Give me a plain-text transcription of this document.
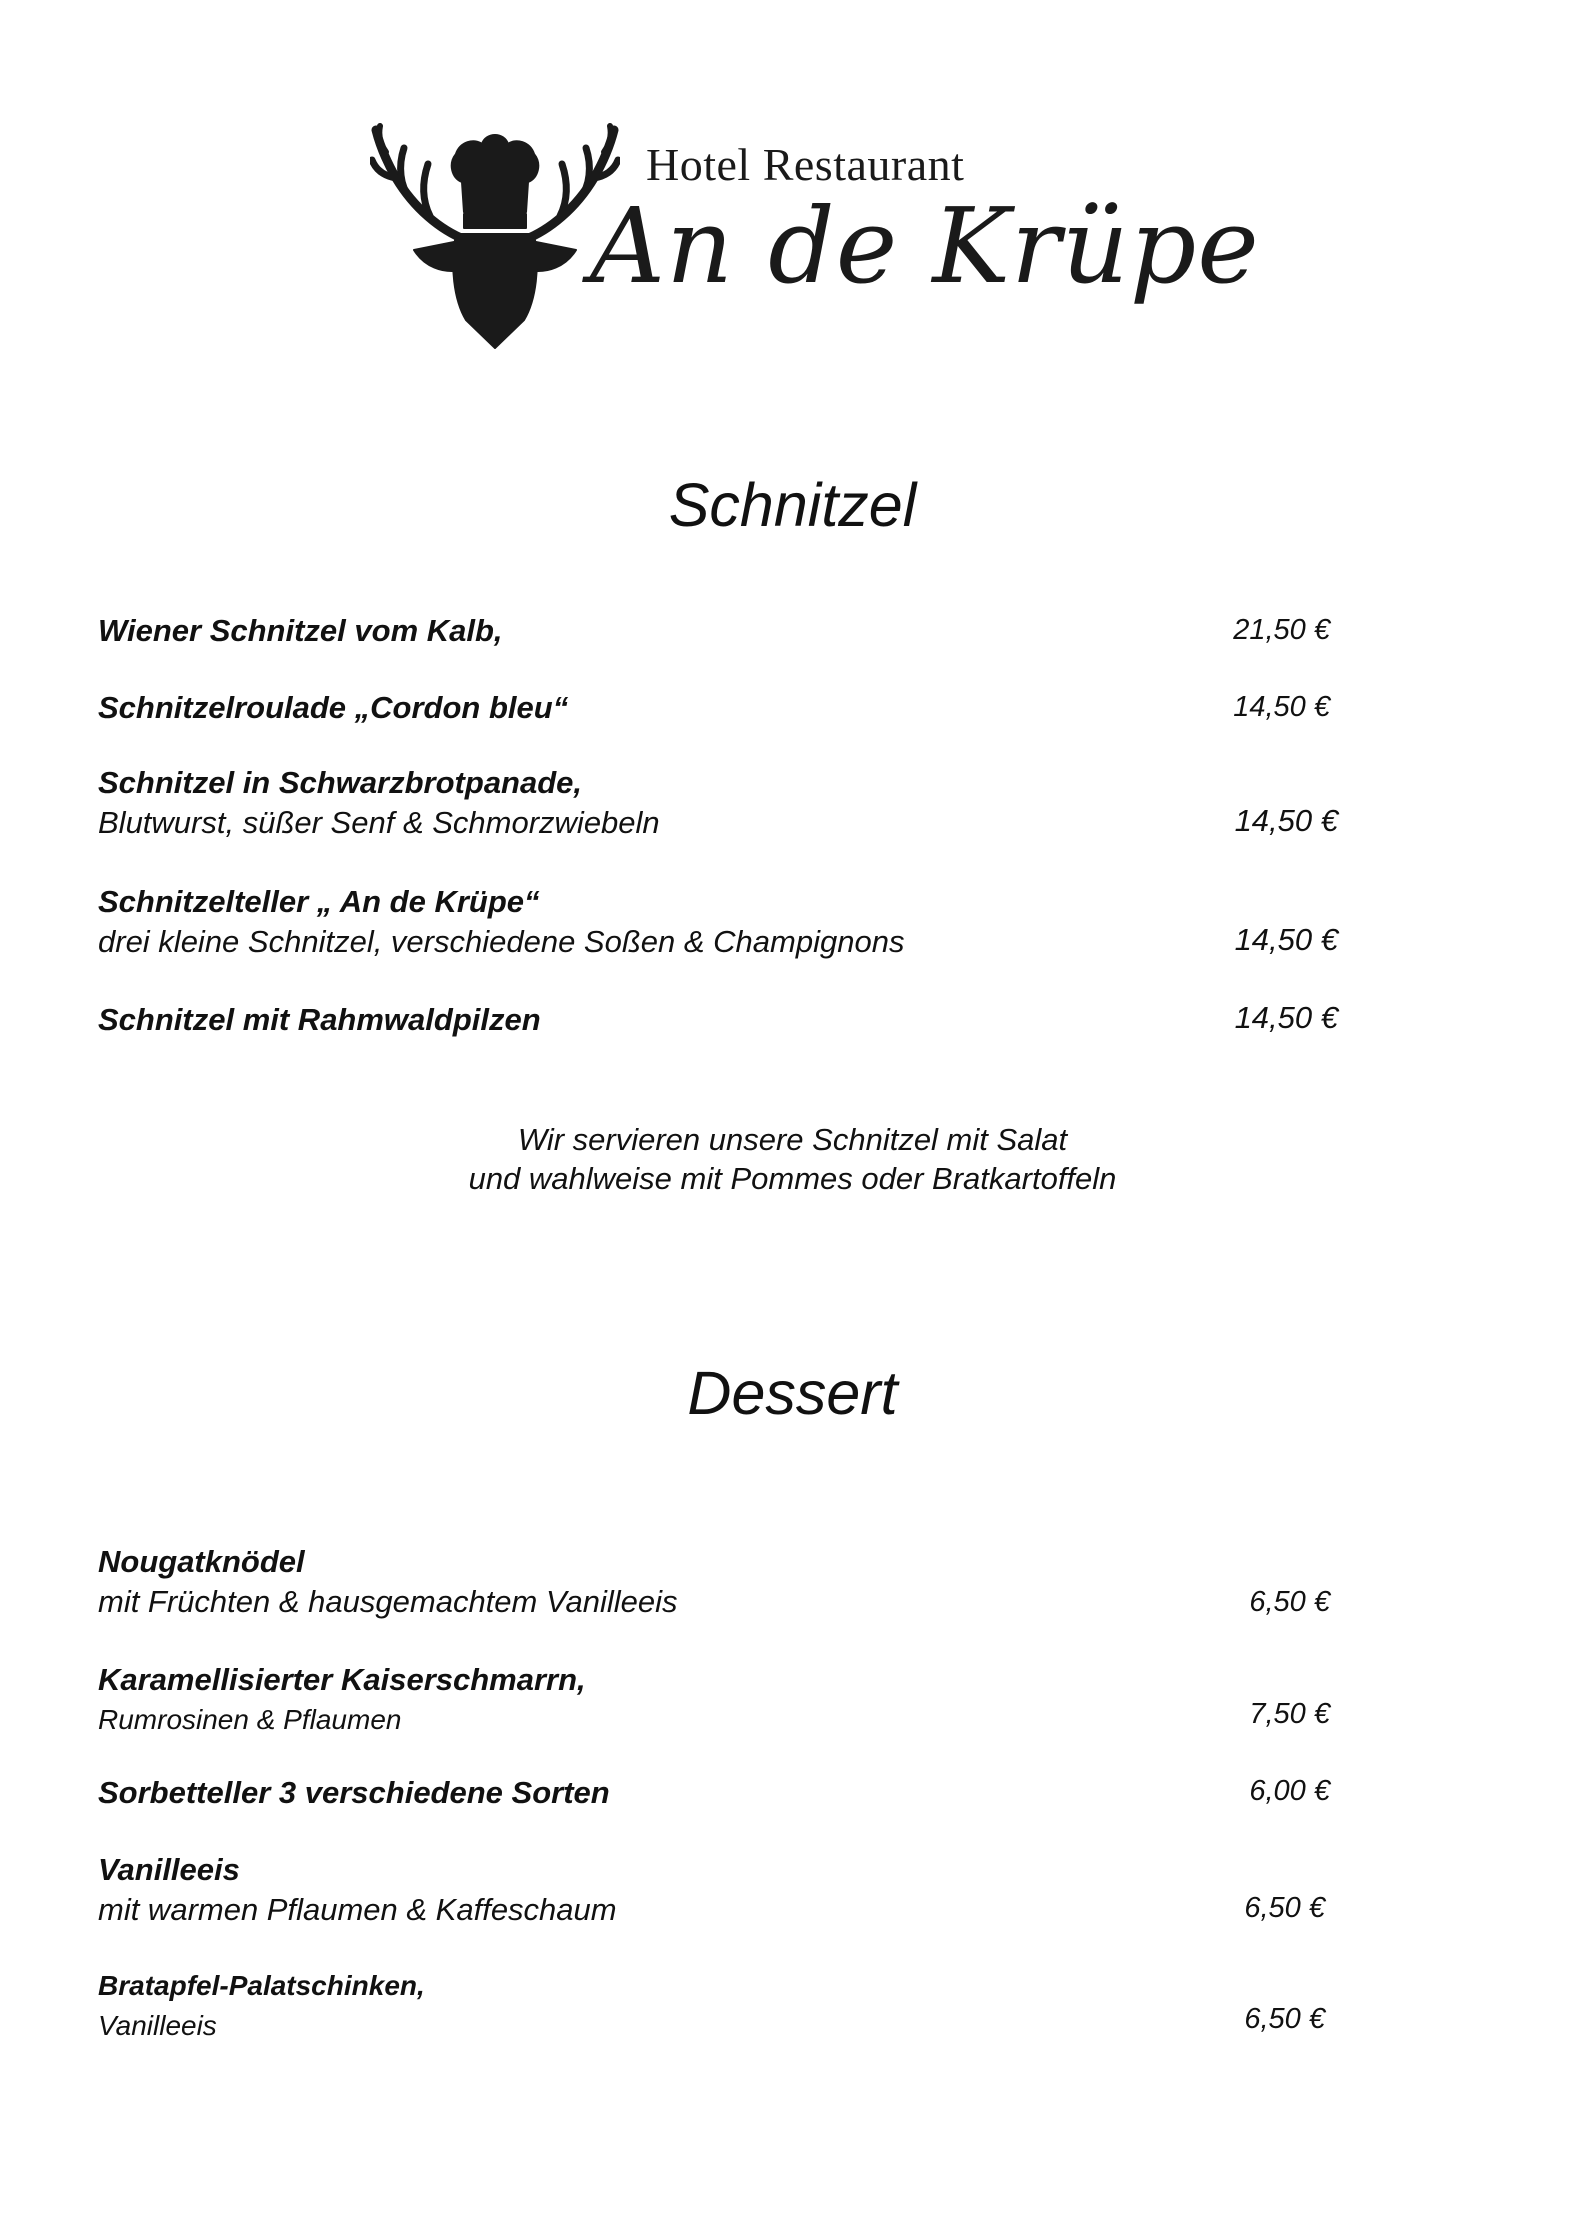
Hotel Restaurant
An de Krüpe
Schnitzel
Wiener Schnitzel vom Kalb,	21,50 €
Schnitzelroulade „Cordon bleu“	14,50 €
Schnitzel in Schwarzbrotpanade,
Blutwurst, süßer Senf & Schmorzwiebeln	14,50 €
Schnitzelteller „ An de Krüpe“
drei kleine Schnitzel, verschiedene Soßen & Champignons	14,50 €
Schnitzel mit Rahmwaldpilzen	14,50 €
Wir servieren unsere Schnitzel mit Salat
und wahlweise mit Pommes oder Bratkartoffeln
Dessert
Nougatknödel
mit Früchten & hausgemachtem Vanilleeis	6,50 €
Karamellisierter Kaiserschmarrn,
Rumrosinen & Pflaumen	7,50 €
Sorbetteller 3 verschiedene Sorten	6,00 €
Vanilleeis
mit warmen Pflaumen & Kaffeschaum	6,50 €
Bratapfel-Palatschinken,
Vanilleeis	6,50 €
